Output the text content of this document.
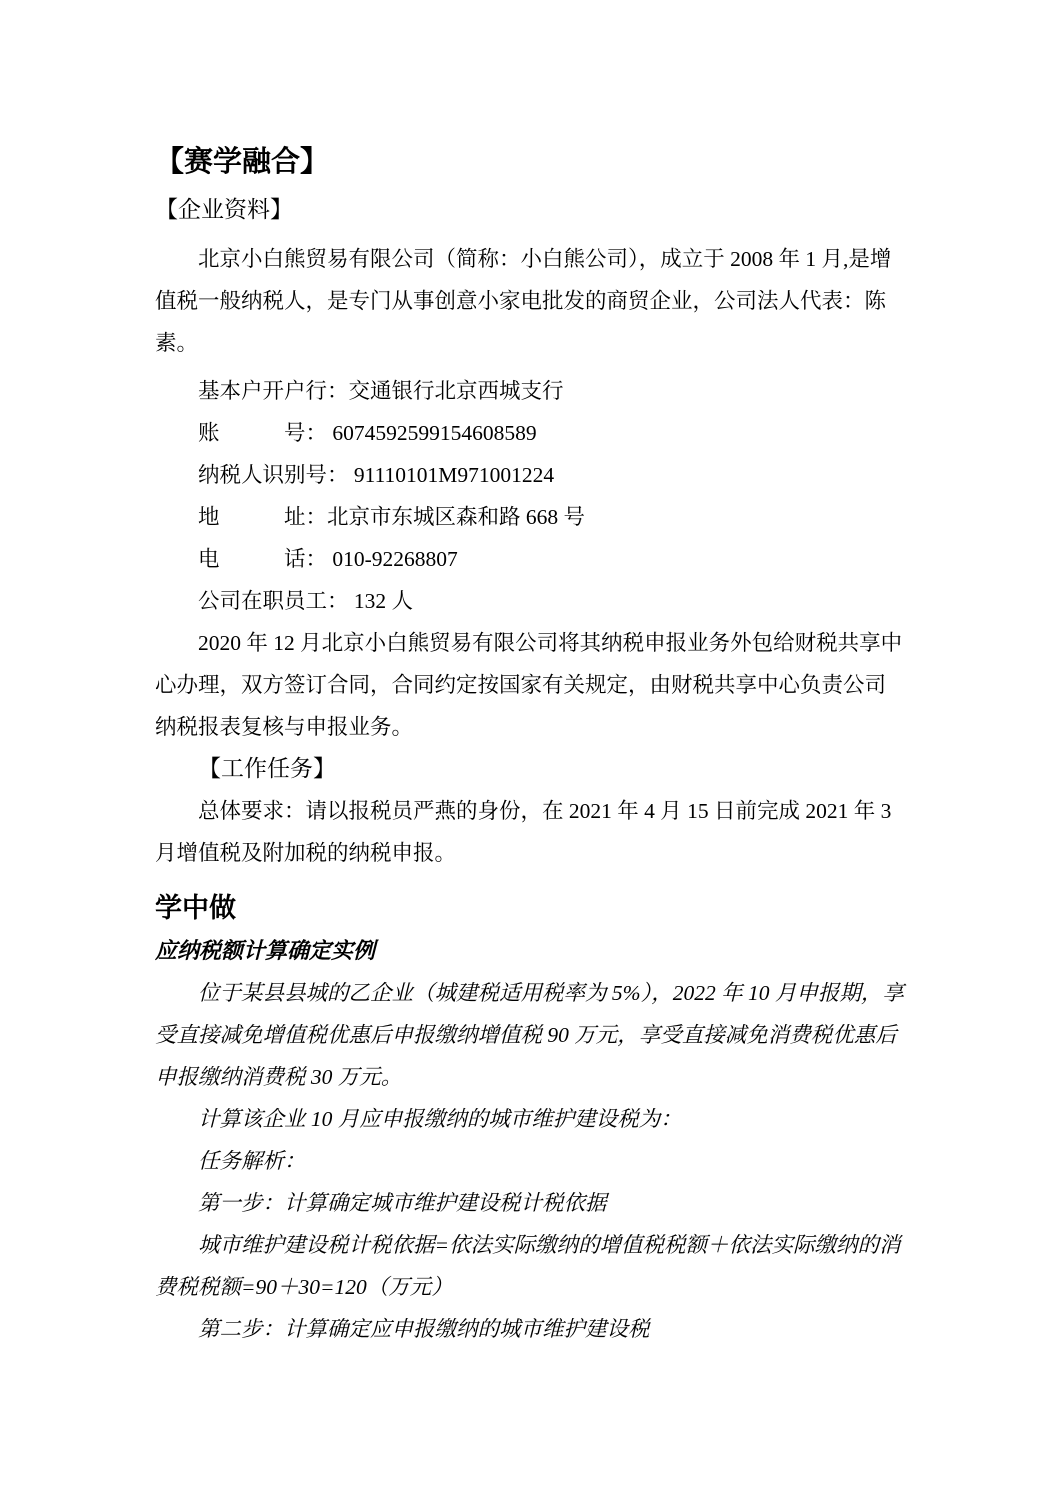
【赛学融合】
【企业资料】
北京小白熊贸易有限公司（简称：小白熊公司），成立于 2008 年 1 月,是增
值税一般纳税人，是专门从事创意小家电批发的商贸企业，公司法人代表：陈
素。
基本户开户行：交通银行北京西城支行
账　　　号： 6074592599154608589
纳税人识别号： 91110101M971001224
地　　　址：北京市东城区森和路 668 号
电　　　话： 010-92268807
公司在职员工： 132 人
2020 年 12 月北京小白熊贸易有限公司将其纳税申报业务外包给财税共享中
心办理，双方签订合同，合同约定按国家有关规定，由财税共享中心负责公司
纳税报表复核与申报业务。
【工作任务】
总体要求：请以报税员严燕的身份，在 2021 年 4 月 15 日前完成 2021 年 3
月增值税及附加税的纳税申报。
学中做
应纳税额计算确定实例
位于某县县城的乙企业（城建税适用税率为 5%），2022 年 10 月申报期，享
受直接减免增值税优惠后申报缴纳增值税 90 万元，享受直接减免消费税优惠后
申报缴纳消费税 30 万元。
计算该企业 10 月应申报缴纳的城市维护建设税为：
任务解析：
第一步：计算确定城市维护建设税计税依据
城市维护建设税计税依据=依法实际缴纳的增值税税额＋依法实际缴纳的消
费税税额=90＋30=120（万元）
第二步：计算确定应申报缴纳的城市维护建设税
